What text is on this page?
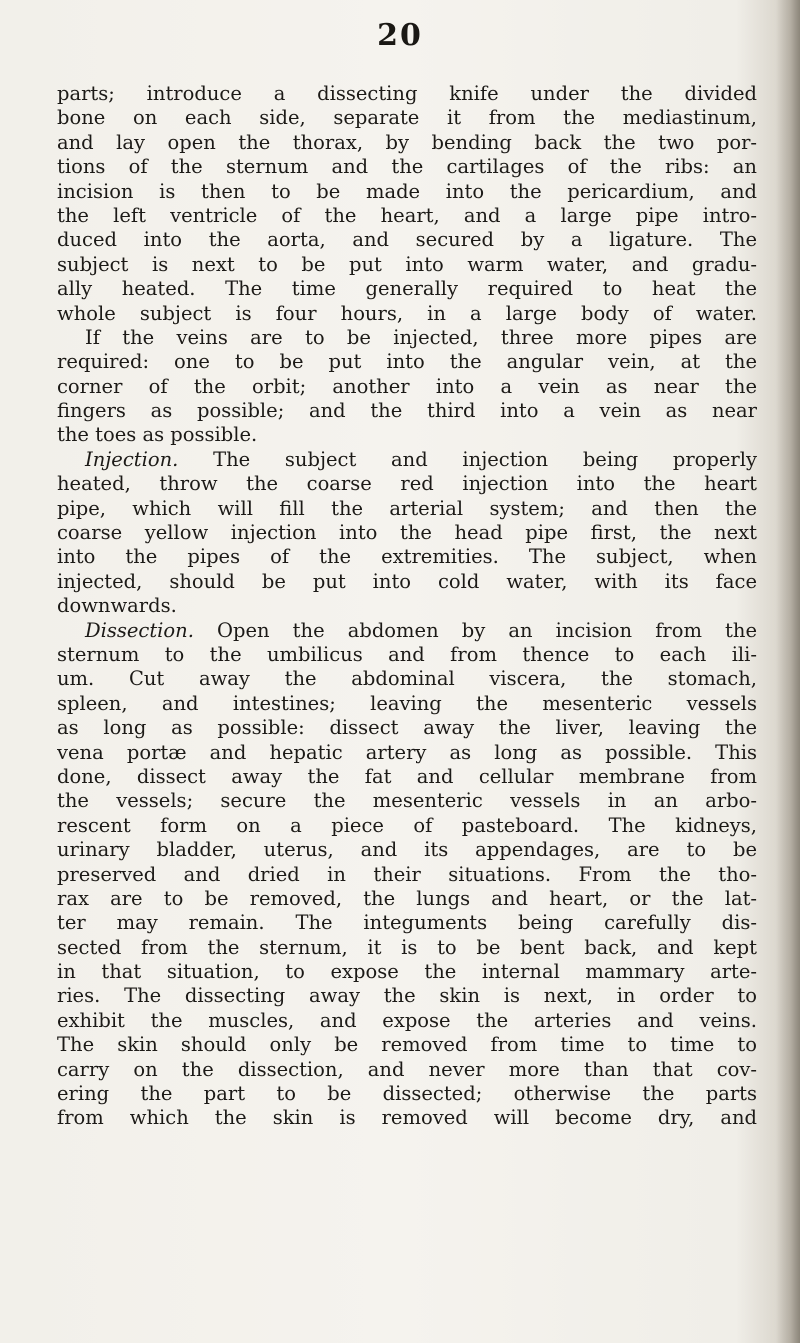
20
parts; introduce a dissecting knife under the divided
bone on each side, separate it from the mediastinum,
and lay open the thorax, by bending back the two por-
tions of the sternum and the cartilages of the ribs: an
incision is then to be made into the pericardium, and
the left ventricle of the heart, and a large pipe intro-
duced into the aorta, and secured by a ligature. The
subject is next to be put into warm water, and gradu-
ally heated. The time generally required to heat the
whole subject is four hours, in a large body of water.
If the veins are to be injected, three more pipes are
required: one to be put into the angular vein, at the
corner of the orbit; another into a vein as near the
fingers as possible; and the third into a vein as near
the toes as possible.
Injection. The subject and injection being properly
heated, throw the coarse red injection into the heart
pipe, which will fill the arterial system; and then the
coarse yellow injection into the head pipe first, the next
into the pipes of the extremities. The subject, when
injected, should be put into cold water, with its face
downwards.
Dissection. Open the abdomen by an incision from the
sternum to the umbilicus and from thence to each ili-
um. Cut away the abdominal viscera, the stomach,
spleen, and intestines; leaving the mesenteric vessels
as long as possible: dissect away the liver, leaving the
vena portæ and hepatic artery as long as possible. This
done, dissect away the fat and cellular membrane from
the vessels; secure the mesenteric vessels in an arbo-
rescent form on a piece of pasteboard. The kidneys,
urinary bladder, uterus, and its appendages, are to be
preserved and dried in their situations. From the tho-
rax are to be removed, the lungs and heart, or the lat-
ter may remain. The integuments being carefully dis-
sected from the sternum, it is to be bent back, and kept
in that situation, to expose the internal mammary arte-
ries. The dissecting away the skin is next, in order to
exhibit the muscles, and expose the arteries and veins.
The skin should only be removed from time to time to
carry on the dissection, and never more than that cov-
ering the part to be dissected; otherwise the parts
from which the skin is removed will become dry, and
